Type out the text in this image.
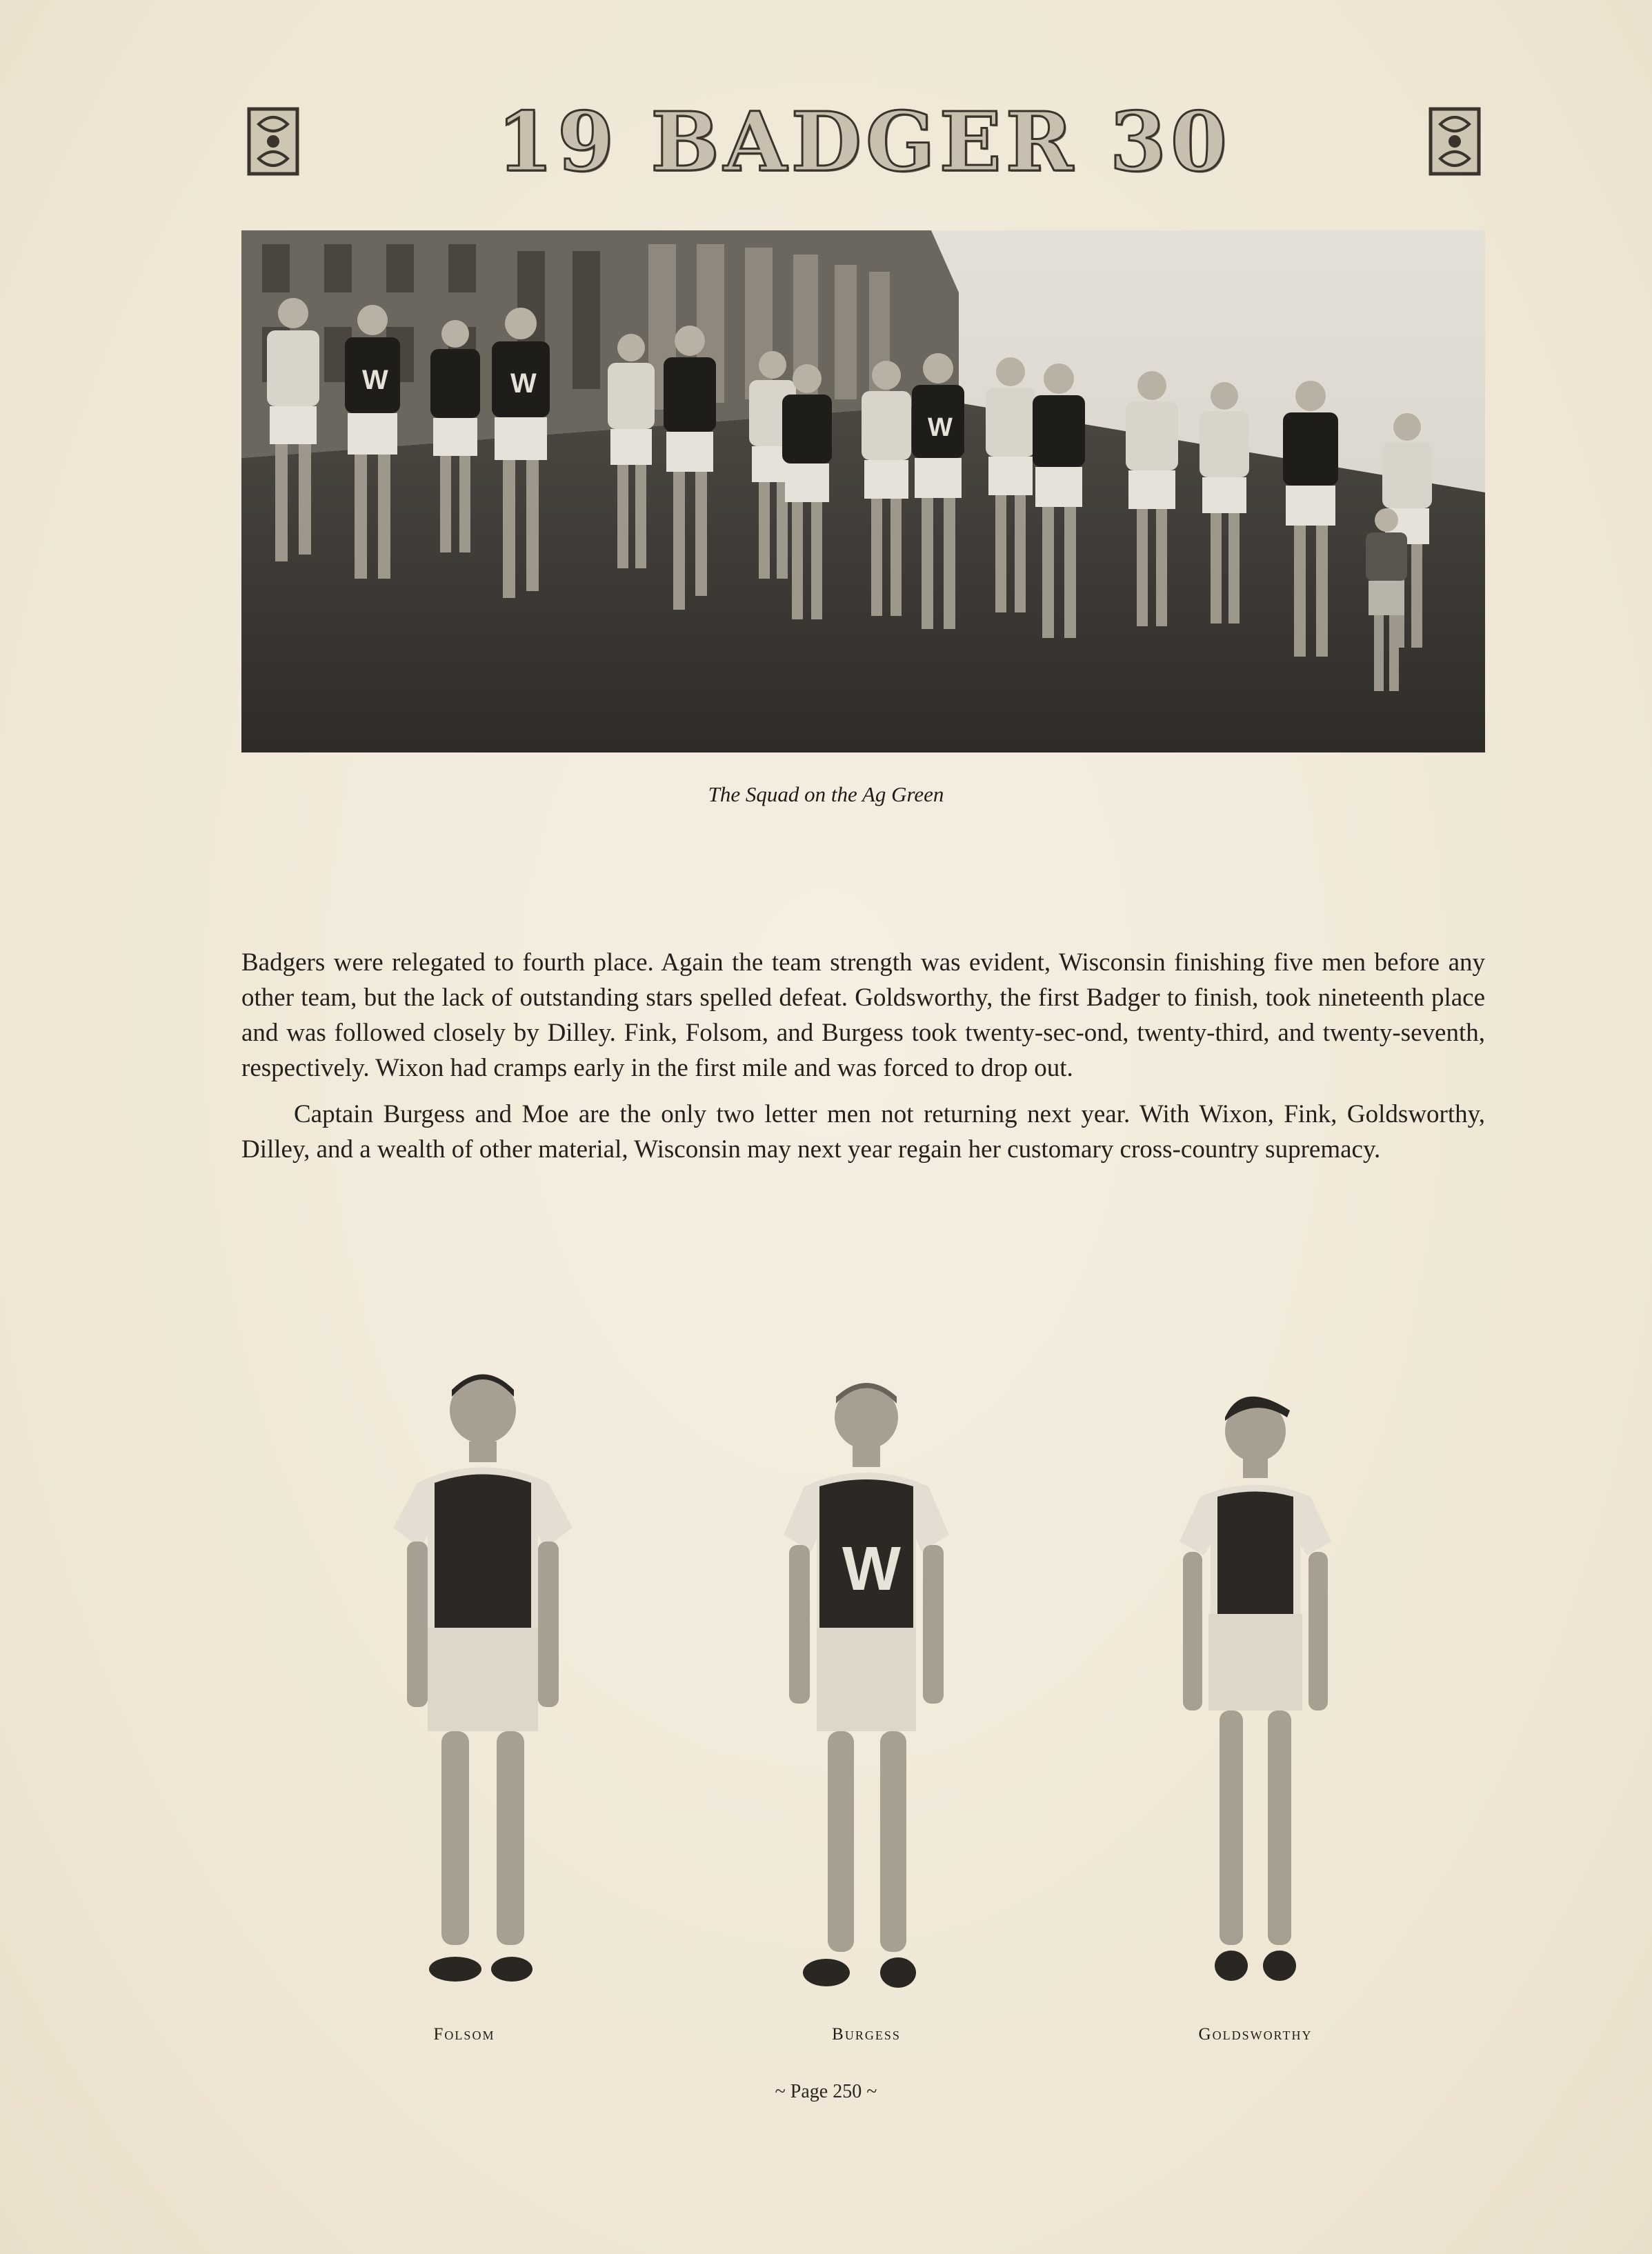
19 BADGER 30
W	W
W
The Squad on the Ag Green

Badgers were relegated to fourth place. Again the team strength was evident, Wisconsin finishing five men before any other team, but the lack of outstanding stars spelled defeat. Goldsworthy, the first Badger to finish, took nineteenth place and was followed closely by Dilley. Fink, Folsom, and Burgess took twenty-sec-ond, twenty-third, and twenty-seventh, respectively. Wixon had cramps early in the first mile and was forced to drop out.

Captain Burgess and Moe are the only two letter men not returning next year. With Wixon, Fink, Goldsworthy, Dilley, and a wealth of other material, Wisconsin may next year regain her customary cross-country supremacy.

Folsom
W
Burgess	Goldsworthy
~ Page 250 ~
